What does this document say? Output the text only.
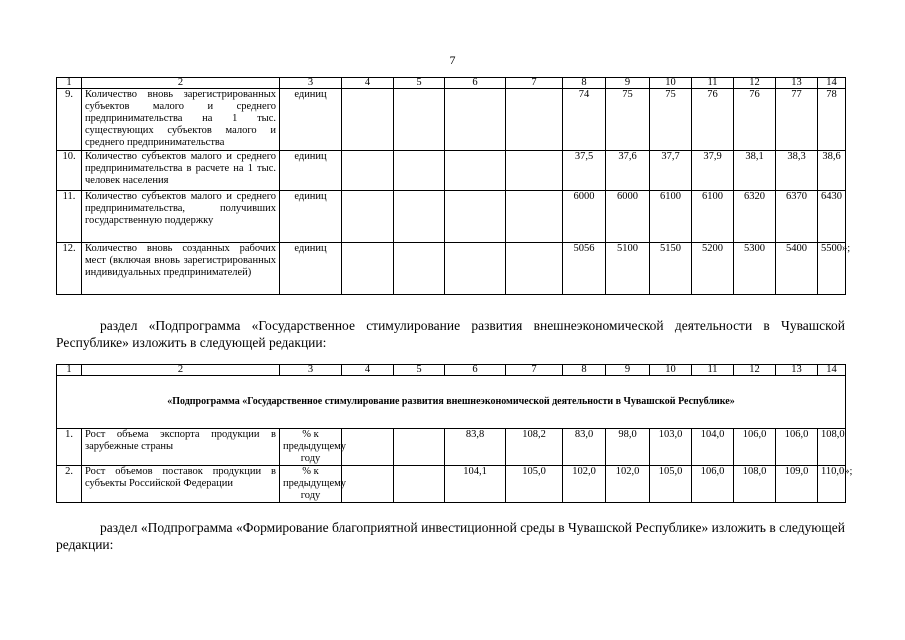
7
1	2	3	4	5	6	7	8	9	10	11	12	13	14
9.	Количество вновь зарегистрированных субъектов малого и среднего предпринимательства на 1 тыс. существующих субъектов малого и среднего предпринимательства	единиц					74	75	75	76	76	77	78
10.	Количество субъектов малого и среднего предпринимательства в расчете на 1 тыс. человек населения	единиц					37,5	37,6	37,7	37,9	38,1	38,3	38,6
11.	Количество субъектов малого и среднего предпринимательства, получивших государственную поддержку	единиц					6000	6000	6100	6100	6320	6370	6430
12.	Количество вновь созданных рабочих мест (включая вновь зарегистрированных индивидуальных предпринимателей)	единиц					5056	5100	5150	5200	5300	5400	5500»;
раздел «Подпрограмма «Государственное стимулирование развития внешнеэкономической деятельности в Чувашской Республике» изложить в следующей редакции:
1	2	3	4	5	6	7	8	9	10	11	12	13	14
«Подпрограмма «Государственное стимулирование развития внешнеэкономической деятельности в Чувашской Республике»													
1.	Рост объема экспорта продукции в зарубежные страны	% к предыдущему году			83,8	108,2	83,0	98,0	103,0	104,0	106,0	106,0	108,0
2.	Рост объемов поставок продукции в субъекты Российской Федерации	% к предыдущему году			104,1	105,0	102,0	102,0	105,0	106,0	108,0	109,0	110,0»;
раздел «Подпрограмма «Формирование благоприятной инвестиционной среды в Чувашской Республике» изложить в следующей редакции:
